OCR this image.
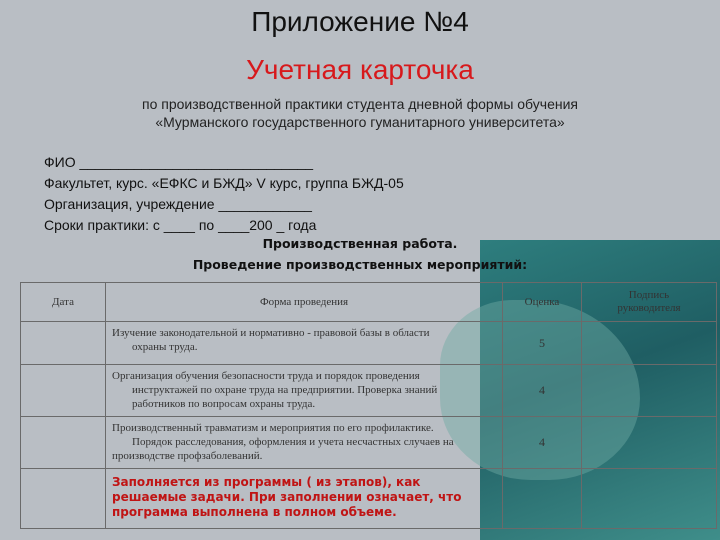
Приложение №4
Учетная карточка
по производственной практики студента дневной формы обучения
«Мурманского государственного гуманитарного университета»
ФИО ______________________________
Факультет, курс. «ЕФКС и БЖД» V курс, группа БЖД-05
Организация, учреждение ____________
Сроки практики: с ____ по ____200 _ года
Производственная работа.
Проведение производственных мероприятий:
Дата	Форма проведения	Оценка	Подпись
руководителя

	Изучение законодательной и нормативно - правовой базы в области
охраны труда.	5	
	Организация обучения безопасности труда и порядок проведения
инструктажей по охране труда на предприятии. Проверка знаний
работников по вопросам охраны труда.	4	
	Производственный травматизм и мероприятия по его профилактике.
Порядок расследования, оформления и учета несчастных случаев на
производстве профзаболеваний.	4	
	Заполняется из программы ( из этапов), как решаемые задачи. При заполнении означает, что программа выполнена в полном объеме.		
